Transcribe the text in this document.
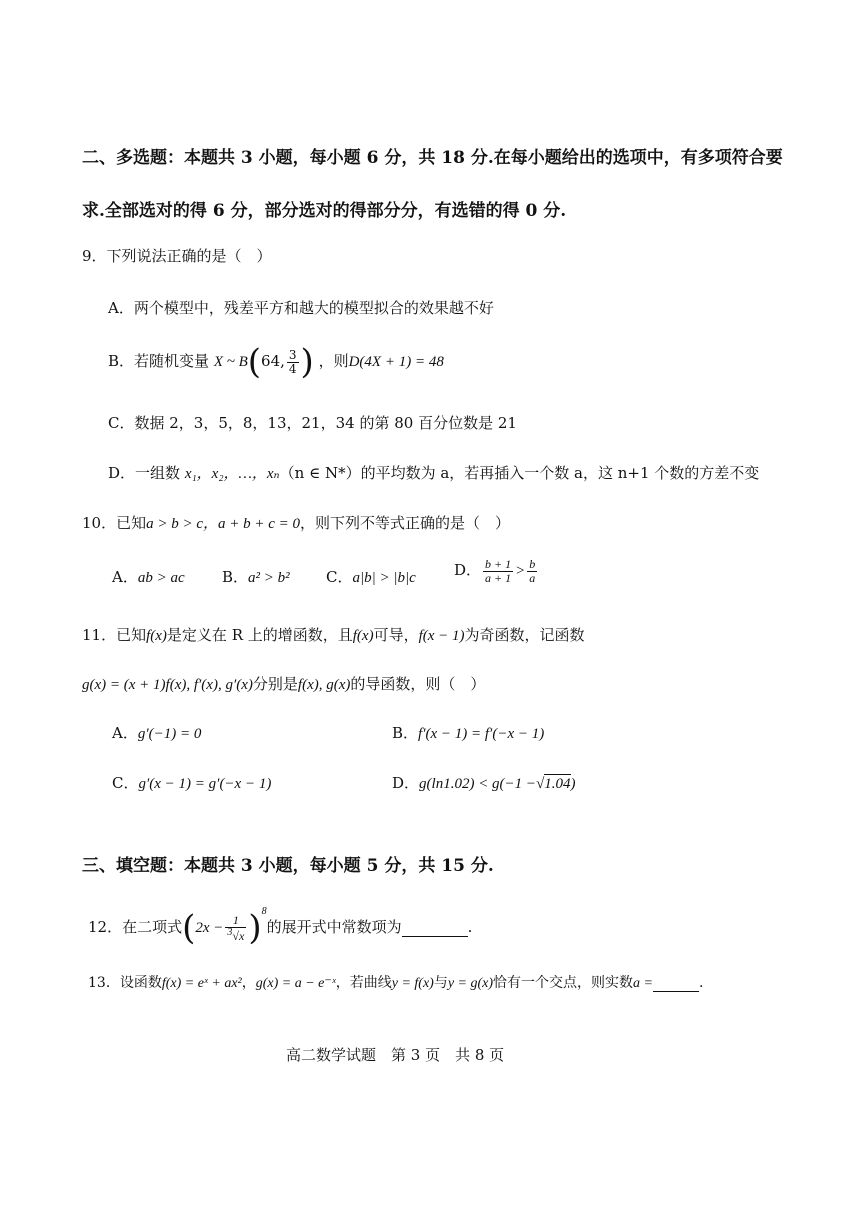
二、多选题：本题共 3 小题，每小题 6 分，共 18 分.在每小题给出的选项中，有多项符合要
求.全部选对的得 6 分，部分选对的得部分分，有选错的得 0 分.
9．下列说法正确的是（　）
A．两个模型中，残差平方和越大的模型拟合的效果越不好
B．若随机变量 X ~ B(64, $\frac{3}{4}$ ) ，则D(4X + 1) = 48
C．数据 2，3，5，8，13，21，34 的第 80 百分位数是 21
D．一组数 x₁，x₂，…，xₙ（n ∈ N*）的平均数为 a，若再插入一个数 a，这 n+1 个数的方差不变
10．已知a > b > c，a + b + c = 0，则下列不等式正确的是（　）
A．ab > ac B．a² > b² C．a|b| > |b|c	D． $\frac{b + 1}{a + 1} > \frac{b}{a}$
11．已知f(x)是定义在 R 上的增函数，且f(x)可导，f(x − 1)为奇函数，记函数
g(x) = (x + 1)f(x), f′(x), g′(x)分别是f(x), g(x)的导函数，则（　）
A．g′(−1) = 0	B．f′(x − 1) = f′(−x − 1)
C．g′(x − 1) = g′(−x − 1)	D．g(ln1.02) < g(−1 −√1.04)
三、填空题：本题共 3 小题，每小题 5 分，共 15 分.
12．在二项式$(2x - \frac{1}{^3√x} )^8$的展开式中常数项为	.
13．设函数f(x) = eˣ + ax²，g(x) = a − e⁻ˣ，若曲线y = f(x)与y = g(x)恰有一个交点，则实数a =	.
高二数学试题　第 3 页　共 8 页
